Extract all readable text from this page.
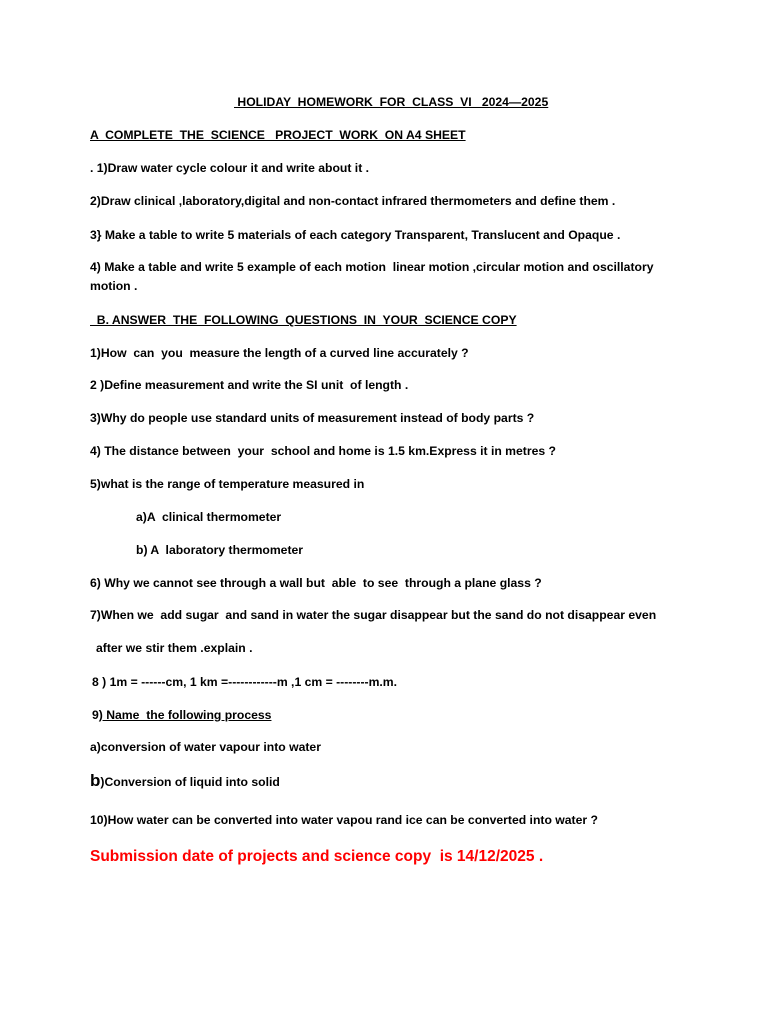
HOLIDAY  HOMEWORK  FOR  CLASS  VI   2024—2025
A  COMPLETE  THE  SCIENCE   PROJECT  WORK  ON A4 SHEET
. 1)Draw water cycle colour it and write about it .
2)Draw clinical ,laboratory,digital and non-contact infrared thermometers and define them .
3} Make a table to write 5 materials of each category Transparent, Translucent and Opaque .
4) Make a table and write 5 example of each motion  linear motion ,circular motion and oscillatory
motion .
B. ANSWER  THE  FOLLOWING  QUESTIONS  IN  YOUR  SCIENCE COPY
1)How  can  you  measure the length of a curved line accurately ?
2 )Define measurement and write the SI unit  of length .
3)Why do people use standard units of measurement instead of body parts ?
4) The distance between  your  school and home is 1.5 km.Express it in metres ?
5)what is the range of temperature measured in
a)A  clinical thermometer
b) A  laboratory thermometer
6) Why we cannot see through a wall but  able  to see  through a plane glass ?
7)When we  add sugar  and sand in water the sugar disappear but the sand do not disappear even
after we stir them .explain .
8 ) 1m = ------cm, 1 km =------------m ,1 cm = --------m.m.
9) Name  the following process
a)conversion of water vapour into water
b)Conversion of liquid into solid
10)How water can be converted into water vapou rand ice can be converted into water ?
Submission date of projects and science copy  is 14/12/2025 .
